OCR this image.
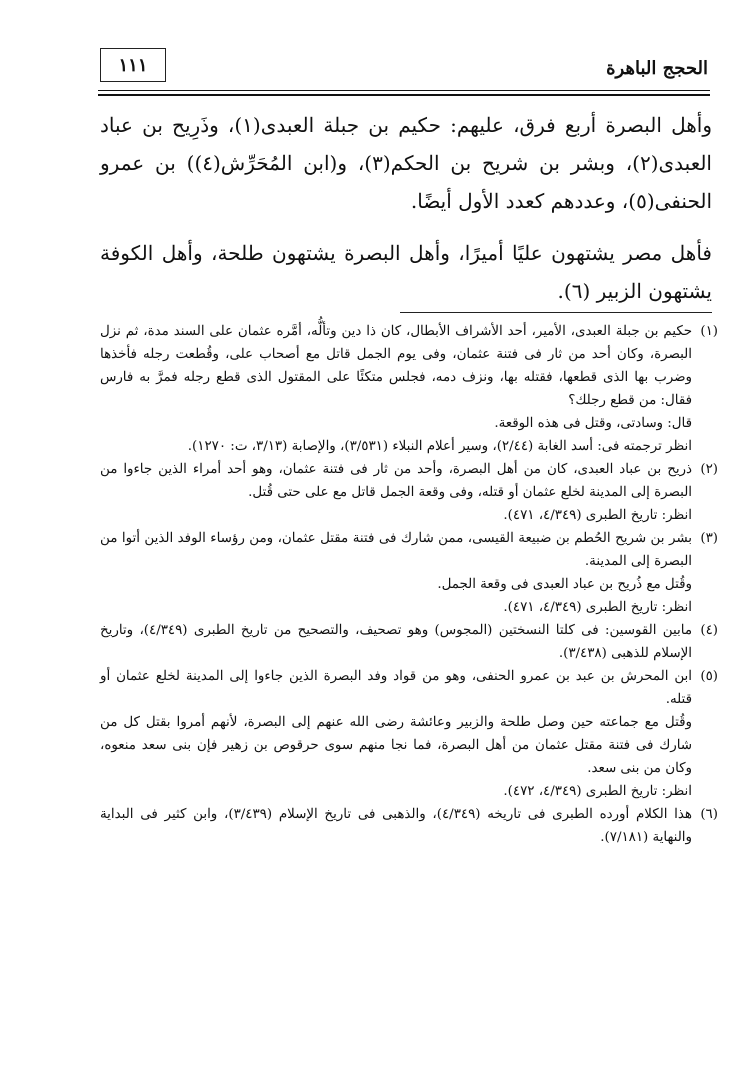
١١١	الحجج الباهرة

وأهل البصرة أربع فرق، عليهم: حكيم بن جبلة العبدى(١)، وذَرِيح بن عباد العبدى(٢)، وبشر بن شريح بن الحكم(٣)، و(ابن المُحَرِّش(٤)) بن عمرو الحنفى(٥)، وعددهم كعدد الأول أيضًا.

فأهل مصر يشتهون عليًا أميرًا، وأهل البصرة يشتهون طلحة، وأهل الكوفة يشتهون الزبير (٦).

(١)حكيم بن جبلة العبدى، الأمير، أحد الأشراف الأبطال، كان ذا دين وتألُّه، أمَّره عثمان على السند مدة، ثم نزل البصرة، وكان أحد من ثار فى فتنة عثمان، وفى يوم الجمل قاتل مع أصحاب على، وقُطعت رجله فأخذها وضرب بها الذى قطعها، فقتله بها، ونزف دمه، فجلس متكئًا على المقتول الذى قطع رجله فمرَّ به فارس فقال: من قطع رجلك؟

قال: وسادتى، وقتل فى هذه الوقعة.

انظر ترجمته فى: أسد الغابة (٢/٤٤)، وسير أعلام النبلاء (٣/٥٣١)، والإصابة (٣/١٣، ت: ١٢٧٠).

(٢)ذريح بن عباد العبدى، كان من أهل البصرة، وأحد من ثار فى فتنة عثمان، وهو أحد أمراء الذين جاءوا من البصرة إلى المدينة لخلع عثمان أو قتله، وفى وقعة الجمل قاتل مع على حتى قُتل.

انظر: تاريخ الطبرى (٤/٣٤٩، ٤٧١).

(٣)بشر بن شريح الحُطم بن ضبيعة القيسى، ممن شارك فى فتنة مقتل عثمان، ومن رؤساء الوفد الذين أتوا من البصرة إلى المدينة.

وقُتل مع ذُريح بن عباد العبدى فى وقعة الجمل.

انظر: تاريخ الطبرى (٤/٣٤٩، ٤٧١).

(٤)مابين القوسين: فى كلتا النسختين (المجوس) وهو تصحيف، والتصحيح من تاريخ الطبرى (٤/٣٤٩)، وتاريخ الإسلام للذهبى (٣/٤٣٨).

(٥)ابن المحرش بن عبد بن عمرو الحنفى، وهو من قواد وفد البصرة الذين جاءوا إلى المدينة لخلع عثمان أو قتله.

وقُتل مع جماعته حين وصل طلحة والزبير وعائشة رضى الله عنهم إلى البصرة، لأنهم أمروا بقتل كل من شارك فى فتنة مقتل عثمان من أهل البصرة، فما نجا منهم سوى حرقوص بن زهير فإن بنى سعد منعوه، وكان من بنى سعد.

انظر: تاريخ الطبرى (٤/٣٤٩، ٤٧٢).

(٦)هذا الكلام أورده الطبرى فى تاريخه (٤/٣٤٩)، والذهبى فى تاريخ الإسلام (٣/٤٣٩)، وابن كثير فى البداية والنهاية (٧/١٨١).
